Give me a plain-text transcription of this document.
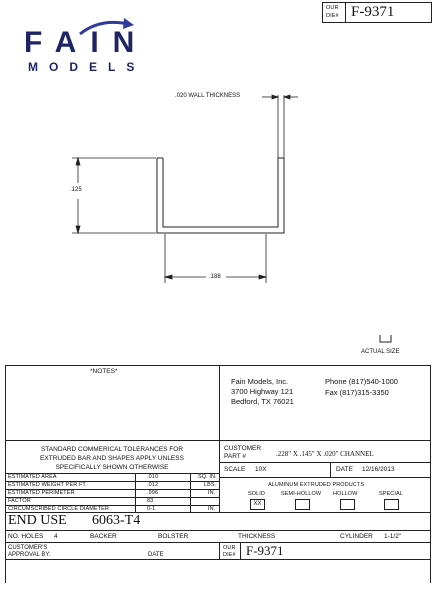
OUR
DIE# F-9371
FAIN
MODELS
.020 WALL THICKNESS
.125
.188
ACTUAL SIZE
*NOTES*
Fain Models, Inc.
3700 Highway 121
Bedford, TX 76021
Phone (817)540-1000
Fax (817)315-3350
STANDARD COMMERICAL TOLERANCES FOR
EXTRUDED BAR AND SHAPES APPLY UNLESS
SPECIFICALLY SHOWN OTHERWISE
ESTIMATED AREA	.010	SQ. IN.
ESTIMATED WEIGHT PER FT.	.012	LBS.
ESTIMATED PERIMETER	.996	IN.
FACTOR	83
CIRCUMSCRIBED CIRCLE DIAMETER	0-1	IN.
CUSTOMER
PART #	.228" X .145" X .020" CHANNEL
SCALE 10X	DATE 12/16/2013
ALUMINUM EXTRUDED PRODUCTS
SOLID	SEMI-HOLLOW HOLLOW	SPECIAL
XX
END USE 6063-T4
NO. HOLES 4	BACKER	BOLSTER	THICKNESS	CYLINDER 1-1/2"
CUSTOMER'S
APPROVAL BY:	DATE
OUR
DIE# F-9371
